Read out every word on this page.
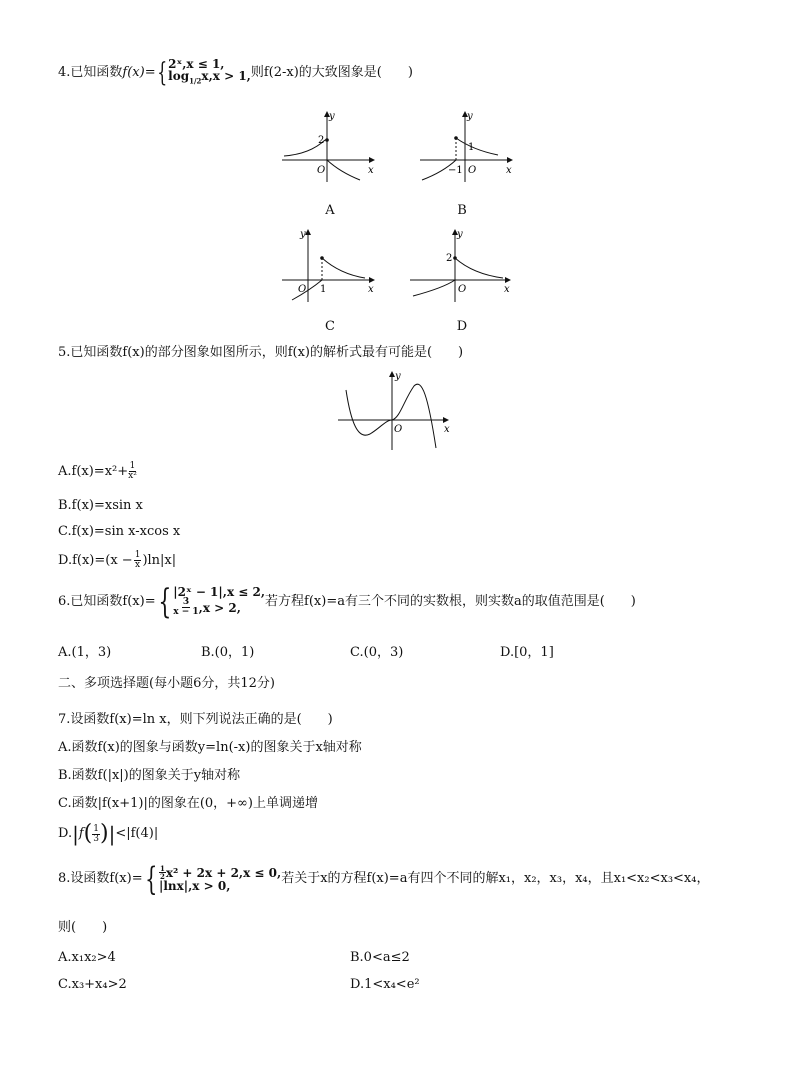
4.已知函数 f(x) = { 2ˣ,x ≤ 1,
$\log_{1/2}x,x > 1$, 则f(2-x)的大致图象是(　　)
y
2
O	x
A
y
1
−1 O	x
B
y
O 1	x
C
y
2
O	x
D
5.已知函数f(x)的部分图象如图所示，则f(x)的解析式最有可能是(　　)
y
O	x
$A.f(x)=x^2+ \frac{1}{\text{x²}}$
B.f(x)=xsin x
C.f(x)=sin x-xcos x
$D.f(x)=(x - \frac{1}{x} )\ln|x|$
6.已知函数f(x)= { |2ˣ − 1|,x ≤ 2,
$\frac{3}{x - 1} ,x > 2$, 若方程f(x)=a有三个不同的实数根，则实数a的取值范围是(　　)
A.(1，3)	B.(0，1)	C.(0，3)	D.[0，1]
二、多项选择题(每小题6分，共12分)
7.设函数f(x)=ln x，则下列说法正确的是(　　)
A.函数f(x)的图象与函数y=ln(-x)的图象关于x轴对称
B.函数f(|x|)的图象关于y轴对称
C.函数|f(x+1)|的图象在(0，+∞)上单调递增
D. | f ( $\frac{1}{3}$ ) | <|f(4)|
8.设函数f(x)= { $\frac{1}{2} x^2 + 2x + 2,x \le 0$,
|lnx|,x > 0,
若关于x的方程f(x)=a有四个不同的解x₁，x₂，x₃，x₄，且x₁<x₂<x₃<x₄，
则(　　)
A.x₁x₂>4	B.0<a≤2
C.x₃+x₄>2	D.1<x₄<e²
